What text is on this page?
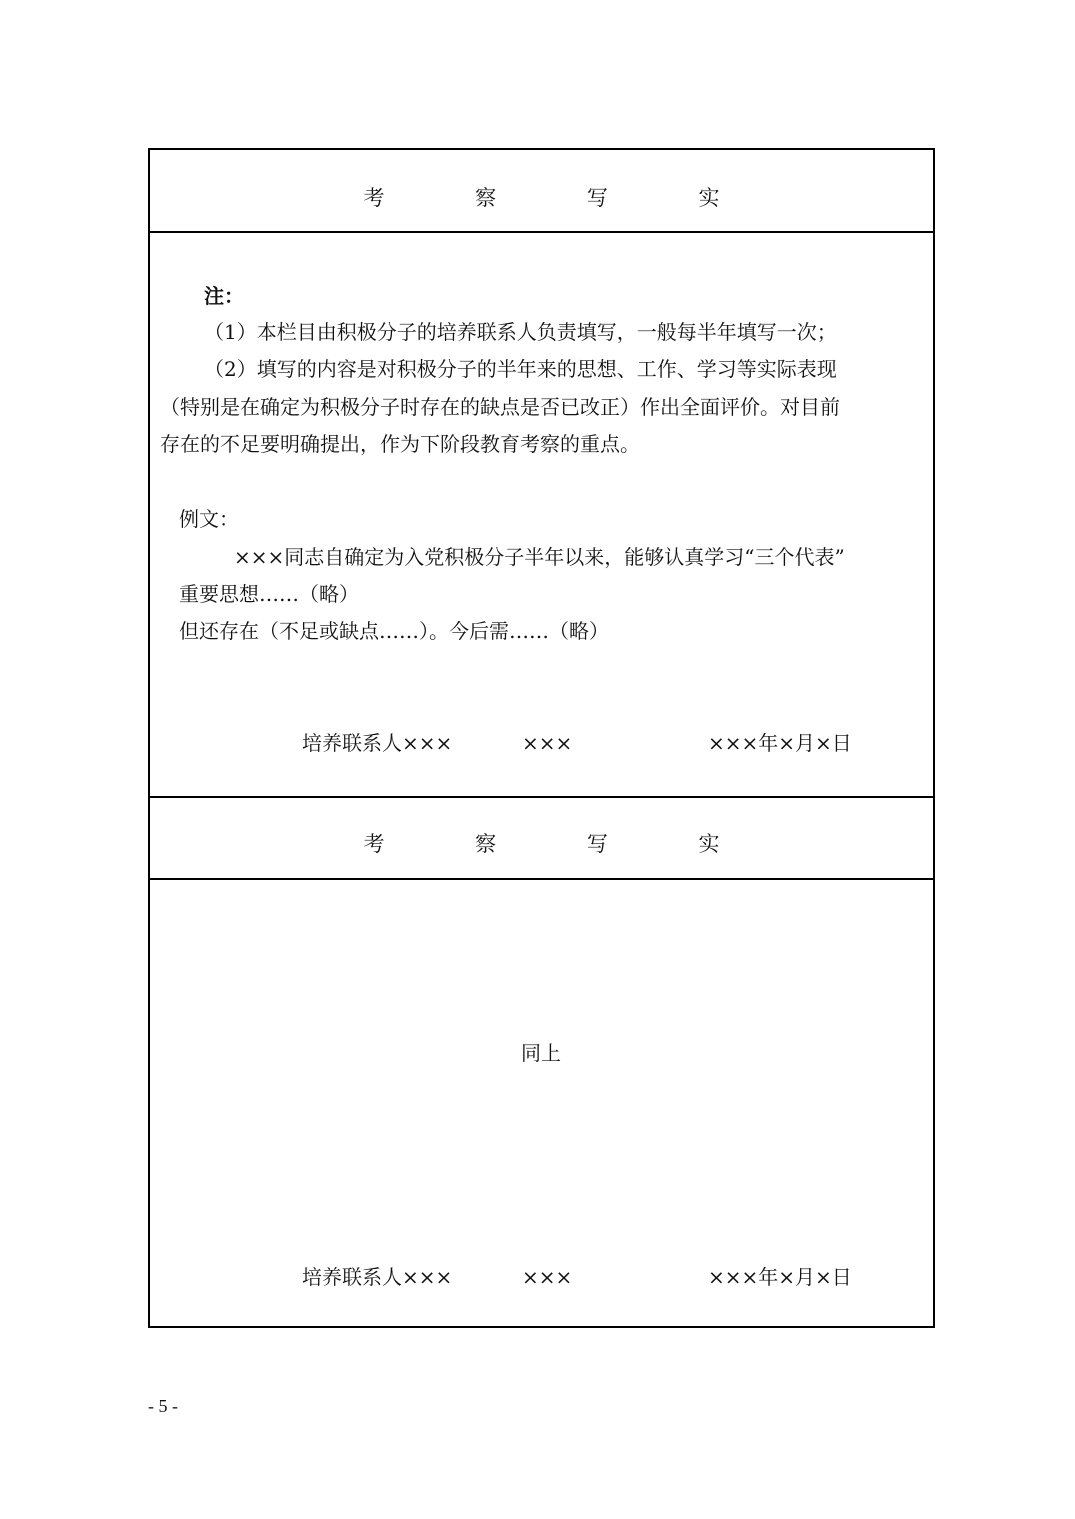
考 察 写 实
注：
（1）本栏目由积极分子的培养联系人负责填写，一般每半年填写一次；
（2）填写的内容是对积极分子的半年来的思想、工作、学习等实际表现
（特别是在确定为积极分子时存在的缺点是否已改正）作出全面评价。对目前
存在的不足要明确提出，作为下阶段教育考察的重点。
例文：
×××同志自确定为入党积极分子半年以来，能够认真学习“三个代表”
重要思想……（略）
但还存在（不足或缺点……）。今后需……（略）
培养联系人×××	×××	×××年×月×日
考 察 写 实
同上
培养联系人×××	×××	×××年×月×日
- 5 -
